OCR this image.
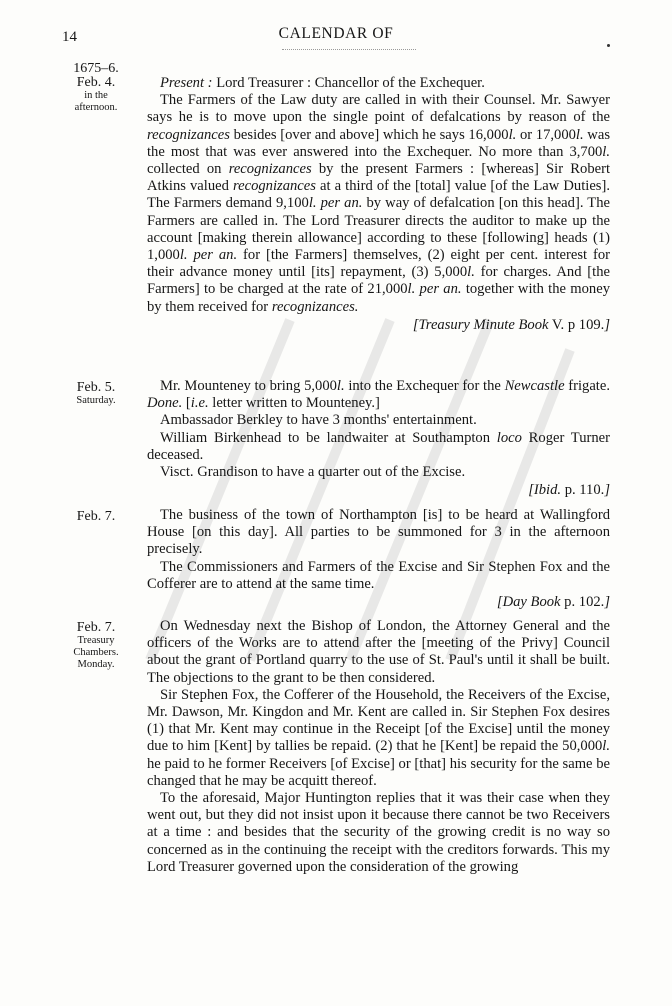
14	CALENDAR OF
1675–6.
Feb. 4.
in the
afternoon.

Present : Lord Treasurer : Chancellor of the Exchequer.

The Farmers of the Law duty are called in with their Counsel. Mr. Sawyer says he is to move upon the single point of defalcations by reason of the recognizances besides [over and above] which he says 16,000l. or 17,000l. was the most that was ever answered into the Exchequer. No more than 3,700l. collected on recognizances by the present Farmers : [whereas] Sir Robert Atkins valued recognizances at a third of the [total] value [of the Law Duties]. The Farmers demand 9,100l. per an. by way of defalcation [on this head]. The Farmers are called in. The Lord Treasurer directs the auditor to make up the account [making therein allowance] according to these [following] heads (1) 1,000l. per an. for [the Farmers] themselves, (2) eight per cent. interest for their advance money until [its] repayment, (3) 5,000l. for charges. And [the Farmers] to be charged at the rate of 21,000l. per an. together with the money by them received for recognizances.

[Treasury Minute Book V. p 109.]
Feb. 5.
Saturday.

Mr. Mounteney to bring 5,000l. into the Exchequer for the Newcastle frigate. Done. [i.e. letter written to Mounteney.]

Ambassador Berkley to have 3 months' entertainment.

William Birkenhead to be landwaiter at Southampton loco Roger Turner deceased.

Visct. Grandison to have a quarter out of the Excise.

[Ibid. p. 110.]
Feb. 7.	The business of the town of Northampton [is] to be heard at Wallingford House [on this day]. All parties to be summoned for 3 in the afternoon precisely.

The Commissioners and Farmers of the Excise and Sir Stephen Fox and the Cofferer are to attend at the same time.

[Day Book p. 102.]
Feb. 7.
Treasury
Chambers.
Monday.

On Wednesday next the Bishop of London, the Attorney General and the officers of the Works are to attend after the [meeting of the Privy] Council about the grant of Portland quarry to the use of St. Paul's until it shall be built. The objections to the grant to be then considered.

Sir Stephen Fox, the Cofferer of the Household, the Receivers of the Excise, Mr. Dawson, Mr. Kingdon and Mr. Kent are called in. Sir Stephen Fox desires (1) that Mr. Kent may continue in the Receipt [of the Excise] until the money due to him [Kent] by tallies be repaid. (2) that he [Kent] be repaid the 50,000l. he paid to he former Receivers [of Excise] or [that] his security for the same be changed that he may be acquitt thereof.

To the aforesaid, Major Huntington replies that it was their case when they went out, but they did not insist upon it because there cannot be two Receivers at a time : and besides that the security of the growing credit is no way so concerned as in the continuing the receipt with the creditors forwards. This my Lord Treasurer governed upon the consideration of the growing
